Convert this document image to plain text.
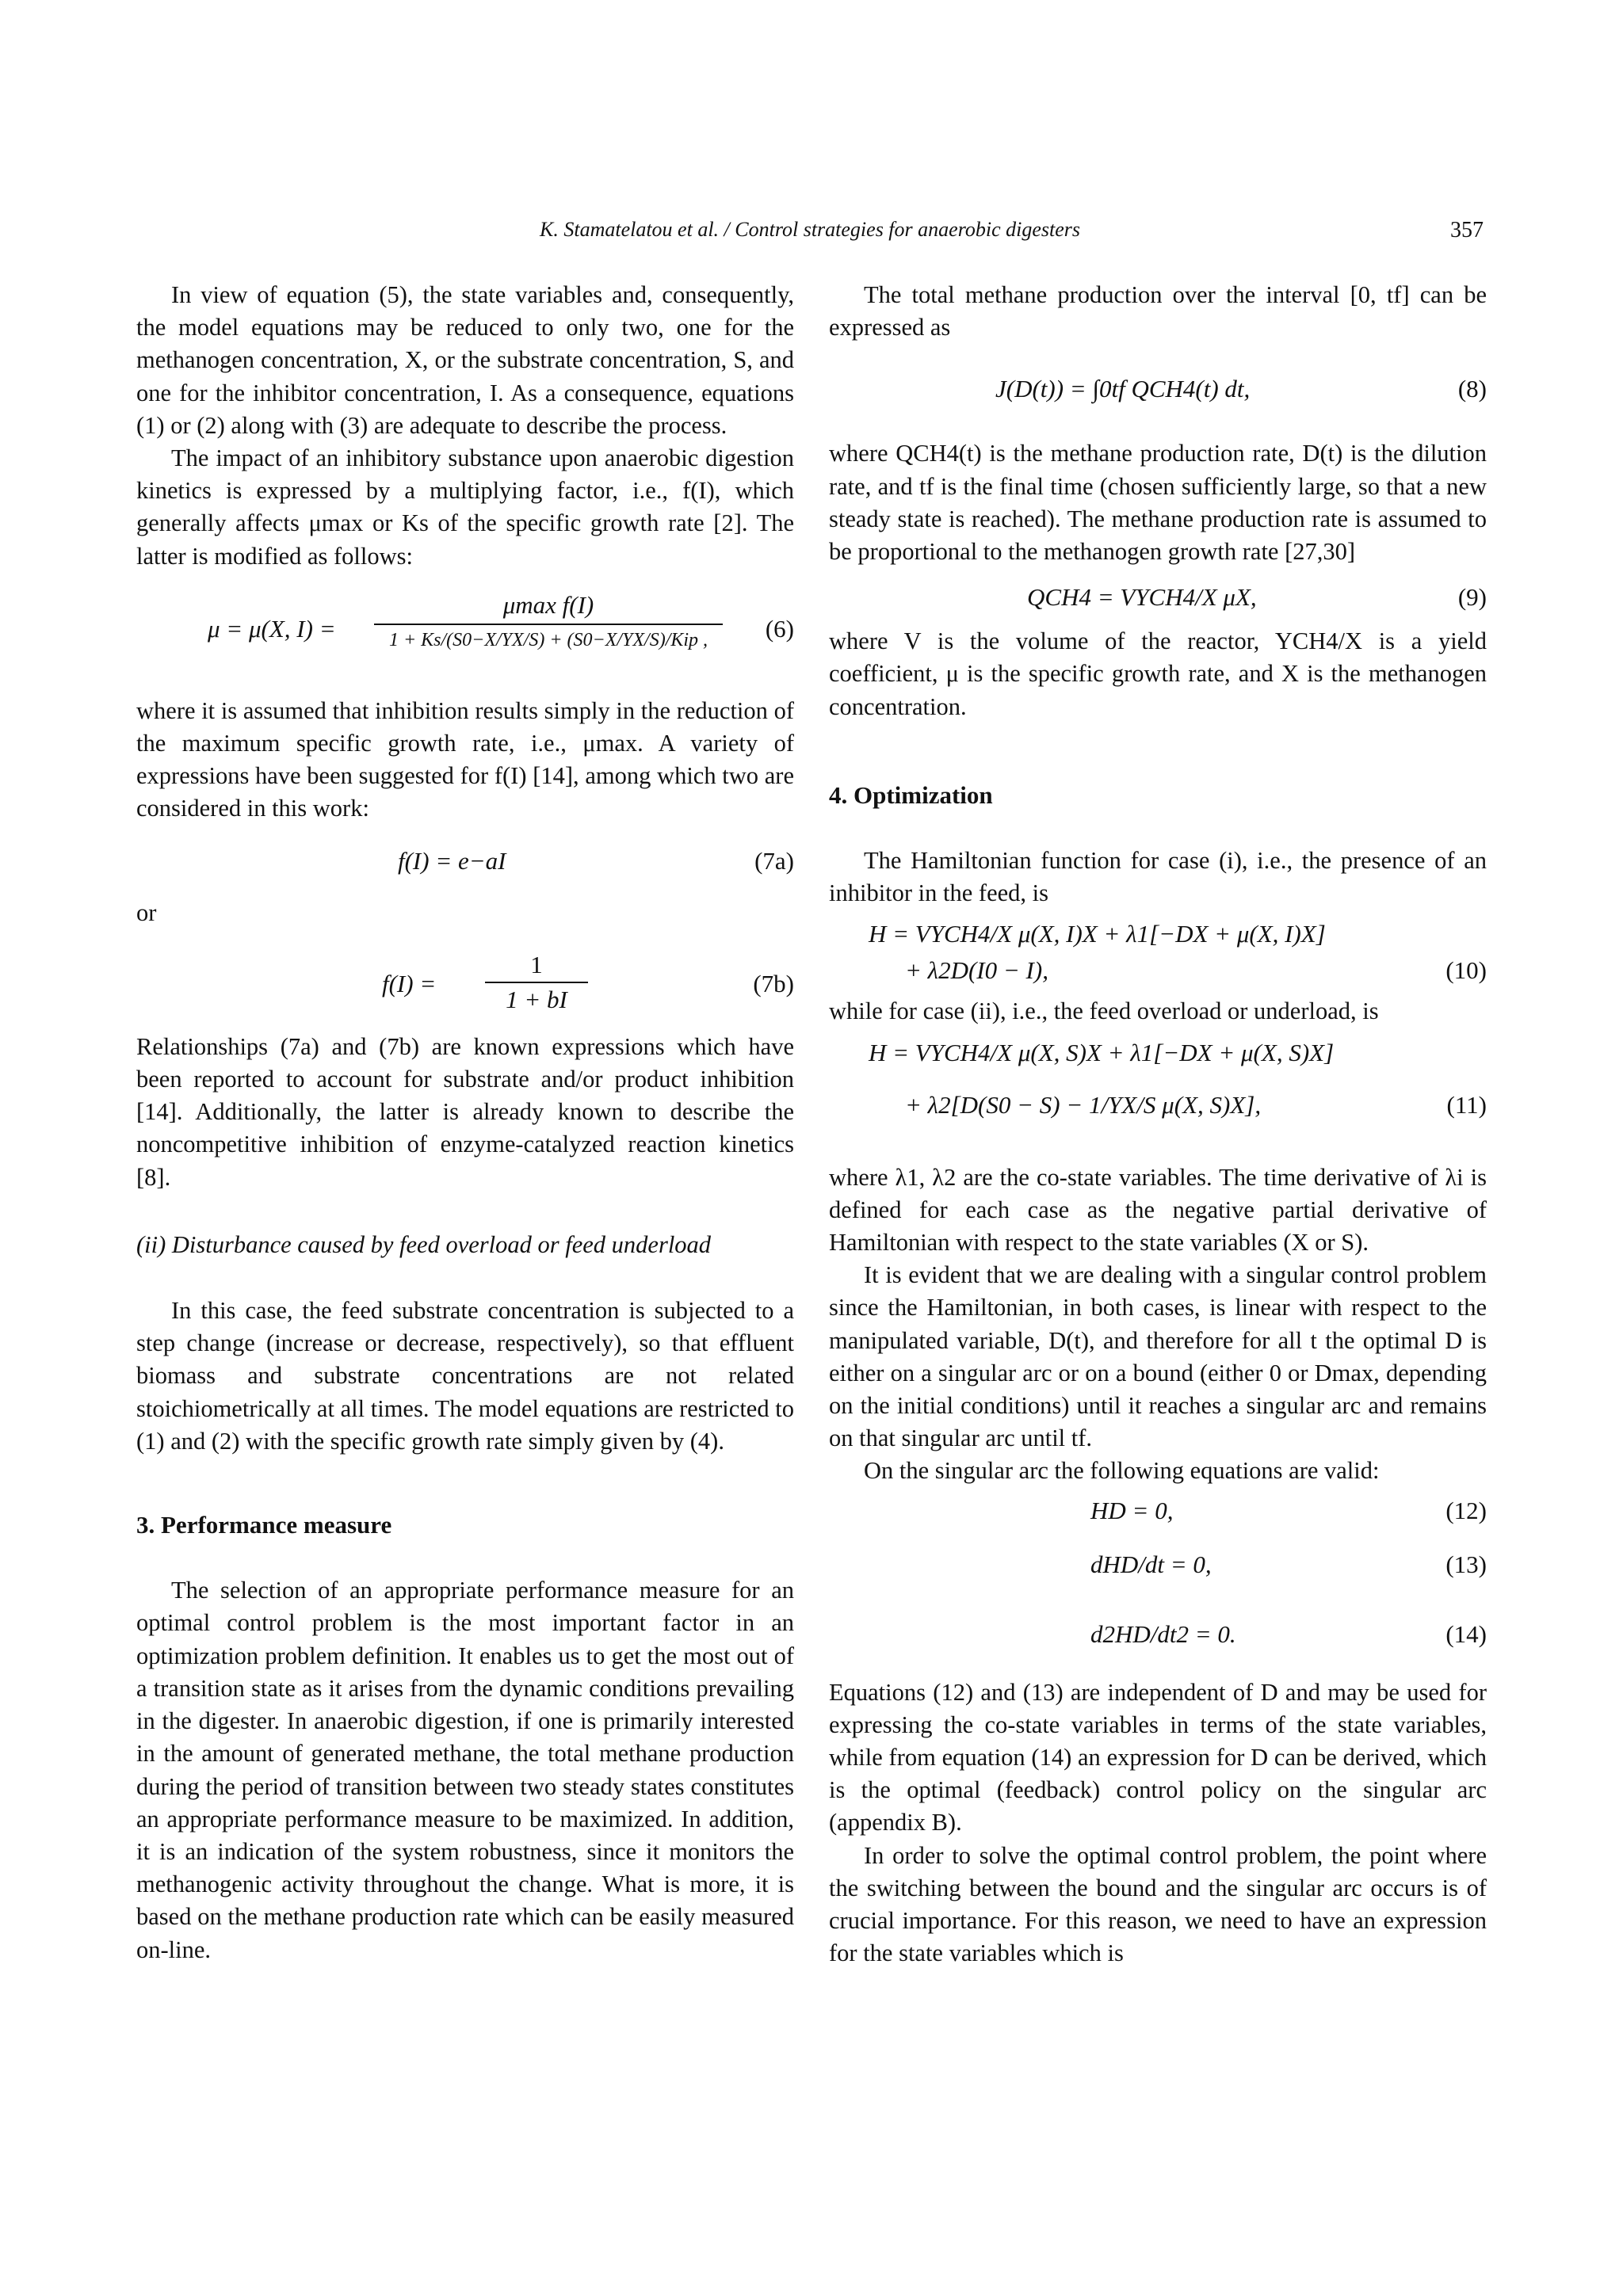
K. Stamatelatou et al. / Control strategies for anaerobic digesters	357

In view of equation (5), the state variables and, consequently, the model equations may be reduced to only two, one for the methanogen concentration, X, or the substrate concentration, S, and one for the inhibitor concentration, I. As a consequence, equations (1) or (2) along with (3) are adequate to describe the process.

The impact of an inhibitory substance upon anaerobic digestion kinetics is expressed by a multiplying factor, i.e., f(I), which generally affects μmax or Ks of the specific growth rate [2]. The latter is modified as follows:

μ = μ(X, I) =
μmax f(I)
1 + Ks/(S0−X/YX/S) + (S0−X/YX/S)/Kip ,	(6)

where it is assumed that inhibition results simply in the reduction of the maximum specific growth rate, i.e., μmax. A variety of expressions have been suggested for f(I) [14], among which two are considered in this work:

f(I) = e−aI	(7a)

or

$f(I) = \frac{1}{1 + bI}$	(7b)

Relationships (7a) and (7b) are known expressions which have been reported to account for substrate and/or product inhibition [14]. Additionally, the latter is already known to describe the noncompetitive inhibition of enzyme-catalyzed reaction kinetics [8].

(ii) Disturbance caused by feed overload or feed underload

In this case, the feed substrate concentration is subjected to a step change (increase or decrease, respectively), so that effluent biomass and substrate concentrations are not related stoichiometrically at all times. The model equations are restricted to (1) and (2) with the specific growth rate simply given by (4).

3. Performance measure

The selection of an appropriate performance measure for an optimal control problem is the most important factor in an optimization problem definition. It enables us to get the most out of a transition state as it arises from the dynamic conditions prevailing in the digester. In anaerobic digestion, if one is primarily interested in the amount of generated methane, the total methane production during the period of transition between two steady states constitutes an appropriate performance measure to be maximized. In addition, it is an indication of the system robustness, since it monitors the methanogenic activity throughout the change. What is more, it is based on the methane production rate which can be easily measured on-line.

The total methane production over the interval [0, tf] can be expressed as

J(D(t)) = ∫0tf QCH4(t) dt,	(8)

where QCH4(t) is the methane production rate, D(t) is the dilution rate, and tf is the final time (chosen sufficiently large, so that a new steady state is reached). The methane production rate is assumed to be proportional to the methanogen growth rate [27,30]

QCH4 = VYCH4/X μX,	(9)

where V is the volume of the reactor, YCH4/X is a yield coefficient, μ is the specific growth rate, and X is the methanogen concentration.

4. Optimization

The Hamiltonian function for case (i), i.e., the presence of an inhibitor in the feed, is

H = VYCH4/X μ(X, I)X + λ1[−DX + μ(X, I)X]
+ λ2D(I0 − I),	(10)

while for case (ii), i.e., the feed overload or underload, is

H = VYCH4/X μ(X, S)X + λ1[−DX + μ(X, S)X]
+ λ2[D(S0 − S) − 1/YX/S μ(X, S)X],	(11)

where λ1, λ2 are the co-state variables. The time derivative of λi is defined for each case as the negative partial derivative of Hamiltonian with respect to the state variables (X or S).

It is evident that we are dealing with a singular control problem since the Hamiltonian, in both cases, is linear with respect to the manipulated variable, D(t), and therefore for all t the optimal D is either on a singular arc or on a bound (either 0 or Dmax, depending on the initial conditions) until it reaches a singular arc and remains on that singular arc until tf.

On the singular arc the following equations are valid:

HD = 0,	(12)
dHD/dt = 0,	(13)
d2HD/dt2 = 0.	(14)

Equations (12) and (13) are independent of D and may be used for expressing the co-state variables in terms of the state variables, while from equation (14) an expression for D can be derived, which is the optimal (feedback) control policy on the singular arc (appendix B).

In order to solve the optimal control problem, the point where the switching between the bound and the singular arc occurs is of crucial importance. For this reason, we need to have an expression for the state variables which is
